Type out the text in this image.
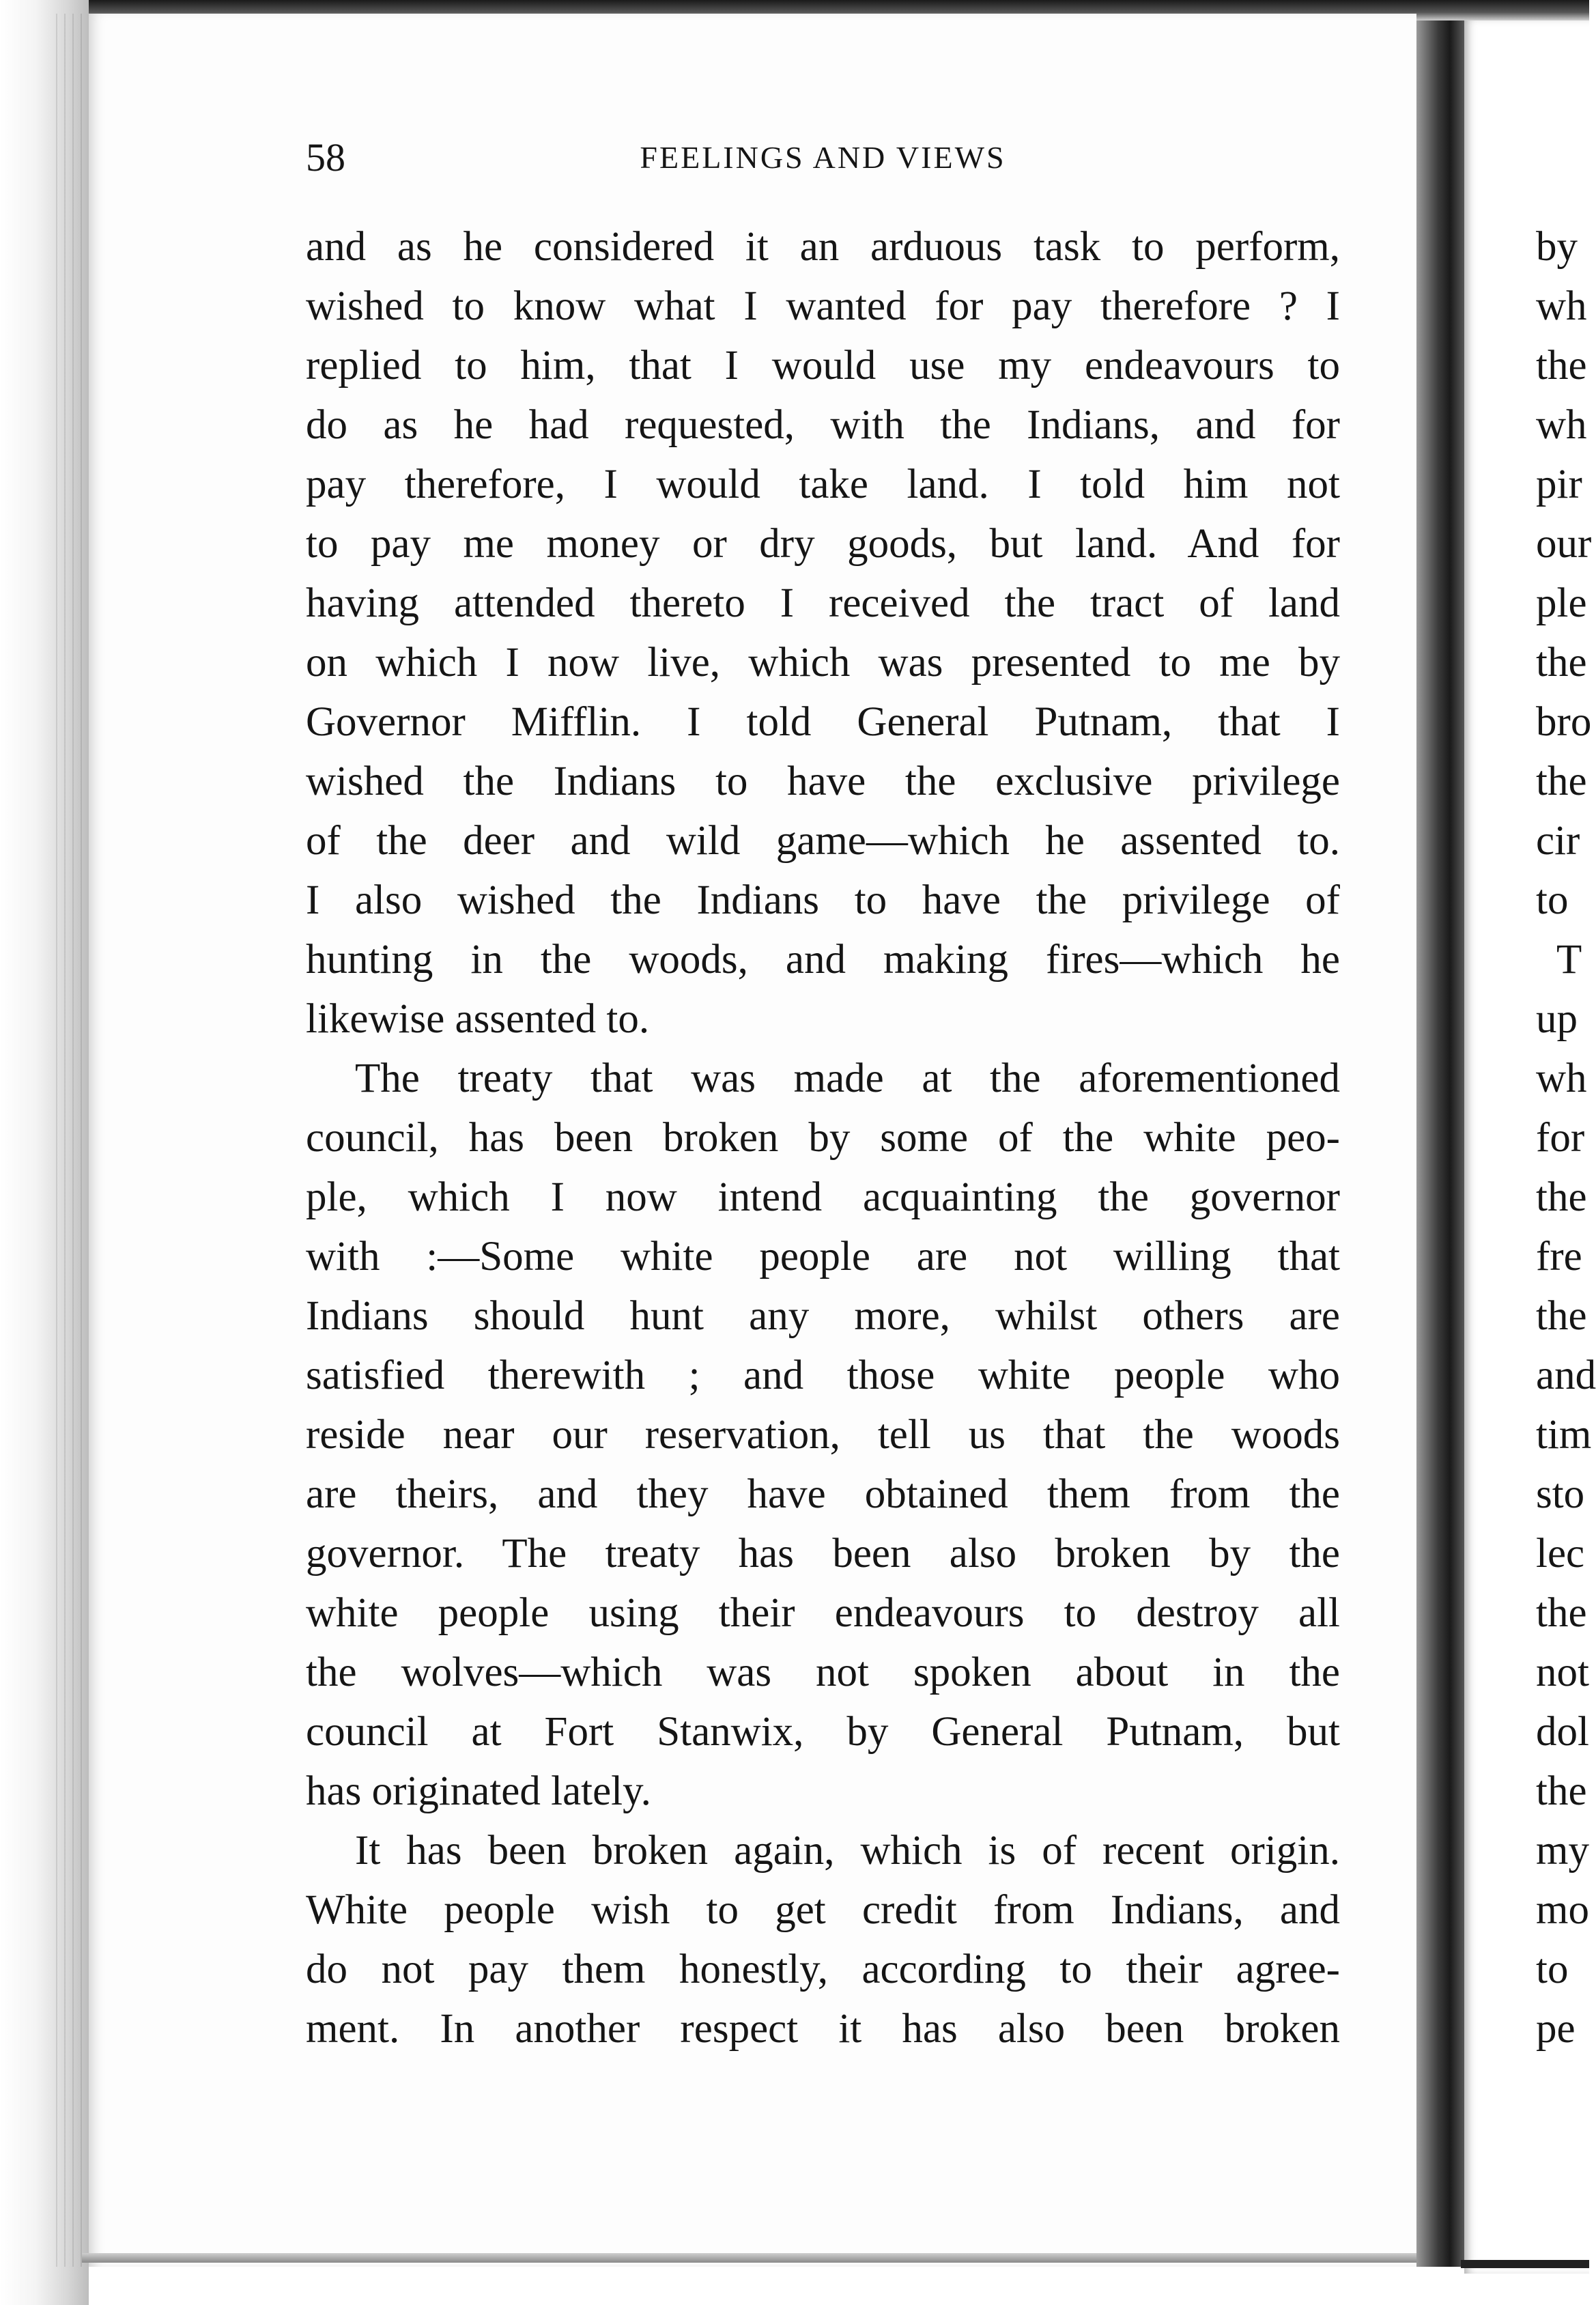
58	FEELINGS AND VIEWS
and as he considered it an arduous task to perform,
wished to know what I wanted for pay therefore ? I
replied to him, that I would use my endeavours to
do as he had requested, with the Indians, and for
pay therefore, I would take land. I told him not
to pay me money or dry goods, but land. And for
having attended thereto I received the tract of land
on which I now live, which was presented to me by
Governor Mifflin. I told General Putnam, that I
wished the Indians to have the exclusive privilege
of the deer and wild game—which he assented to.
I also wished the Indians to have the privilege of
hunting in the woods, and making fires—which he
likewise assented to.
The treaty that was made at the aforementioned
council, has been broken by some of the white peo-
ple, which I now intend acquainting the governor
with :—Some white people are not willing that
Indians should hunt any more, whilst others are
satisfied therewith ; and those white people who
reside near our reservation, tell us that the woods
are theirs, and they have obtained them from the
governor. The treaty has been also broken by the
white people using their endeavours to destroy all
the wolves—which was not spoken about in the
council at Fort Stanwix, by General Putnam, but
has originated lately.
It has been broken again, which is of recent origin.
White people wish to get credit from Indians, and
do not pay them honestly, according to their agree-
ment. In another respect it has also been broken
by
wh
the
wh
pir
our
ple
the
bro
the
cir
to
T
up
wh
for
the
fre
the
and
tim
sto
lec
the
not
dol
the
my
mo
to
pe
